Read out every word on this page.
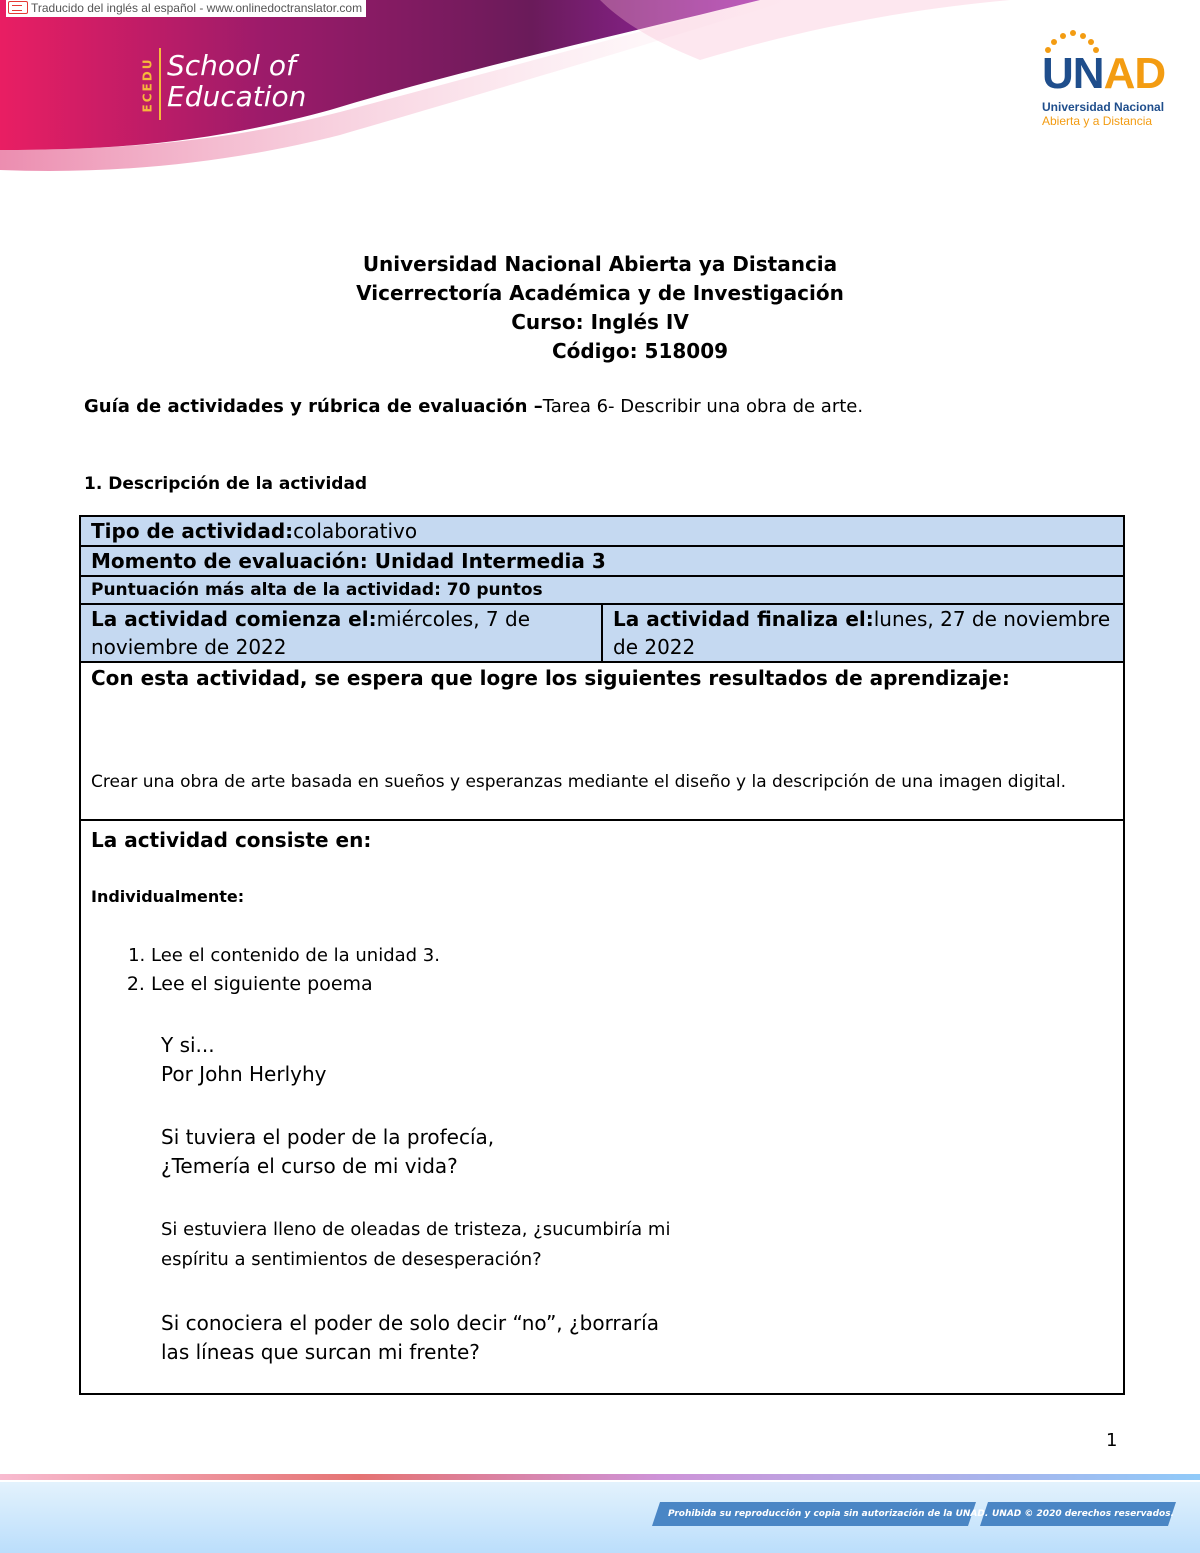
Traducido del inglés al español - www.onlinedoctranslator.com
ECEDU School of
Education	UNAD
Universidad Nacional
Abierta y a Distancia
Universidad Nacional Abierta ya Distancia
Vicerrectoría Académica y de Investigación
Curso: Inglés IV
Código: 518009
Guía de actividades y rúbrica de evaluación –Tarea 6- Describir una obra de arte.
1. Descripción de la actividad
Tipo de actividad:colaborativo
Momento de evaluación: Unidad Intermedia 3
Puntuación más alta de la actividad: 70 puntos
La actividad comienza el:miércoles, 7 de noviembre de 2022	La actividad finaliza el:lunes, 27 de noviembre de 2022

Con esta actividad, se espera que logre los siguientes resultados de aprendizaje:
Crear una obra de arte basada en sueños y esperanzas mediante el diseño y la descripción de una imagen digital.

La actividad consiste en:
Individualmente:
1. Lee el contenido de la unidad 3.
2. Lee el siguiente poema
Y si...
Por John Herlyhy
Si tuviera el poder de la profecía,
¿Temería el curso de mi vida?
Si estuviera lleno de oleadas de tristeza, ¿sucumbiría mi
espíritu a sentimientos de desesperación?
Si conociera el poder de solo decir “no”, ¿borraría
las líneas que surcan mi frente?
1
Prohibida su reproducción y copia sin autorización de la UNAD. UNAD © 2020 derechos reservados.
